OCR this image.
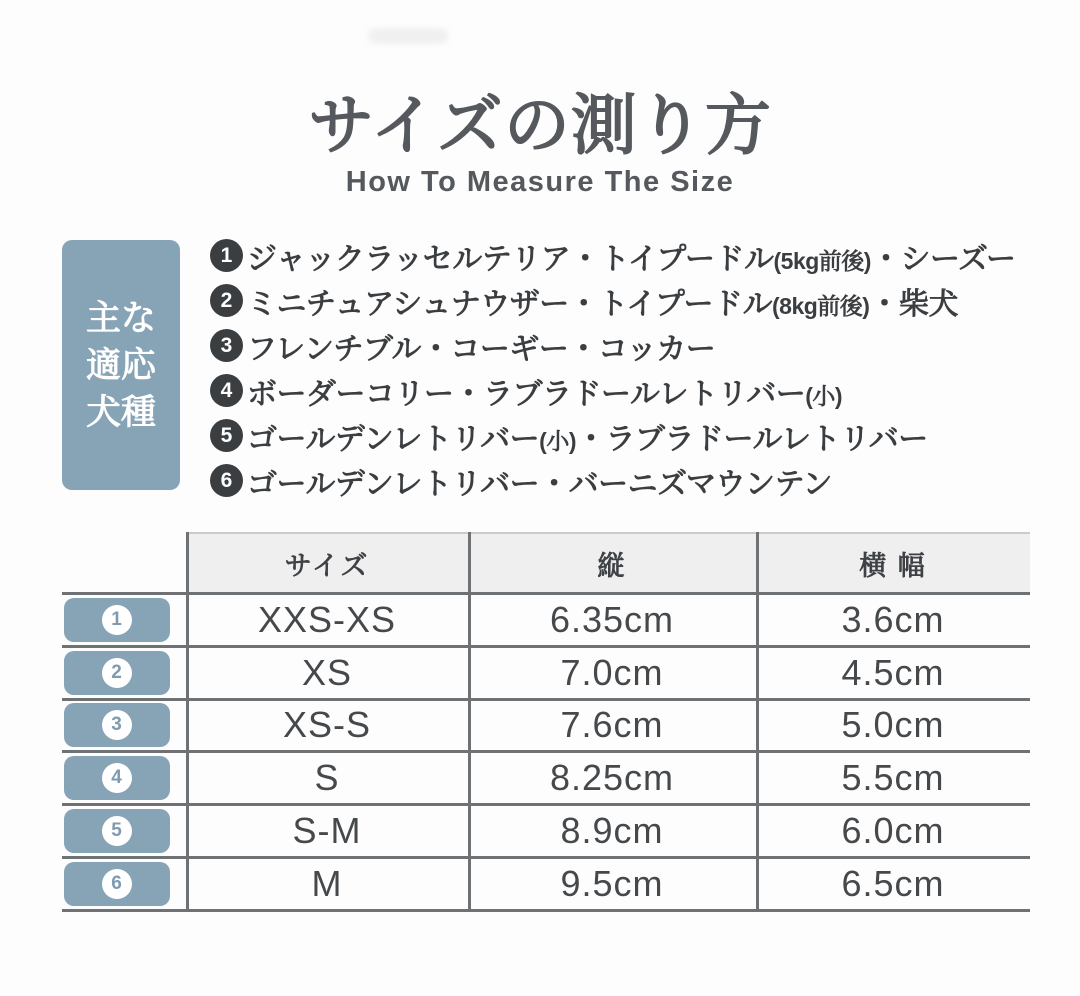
サイズの測り方
How To Measure The Size
主な
適応
犬種
1 ジャックラッセルテリア・トイプードル(5kg前後)・シーズー
2 ミニチュアシュナウザー・トイプードル(8kg前後)・柴犬
3 フレンチブル・コーギー・コッカー
4 ボーダーコリー・ラブラドールレトリバー(小)
5 ゴールデンレトリバー(小)・ラブラドールレトリバー
6 ゴールデンレトリバー・バーニズマウンテン
サイズ	縦	横 幅
1	XXS-XS	6.35cm	3.6cm
2	XS	7.0cm	4.5cm
3	XS-S	7.6cm	5.0cm
4	S	8.25cm	5.5cm
5	S-M	8.9cm	6.0cm
6	M	9.5cm	6.5cm
